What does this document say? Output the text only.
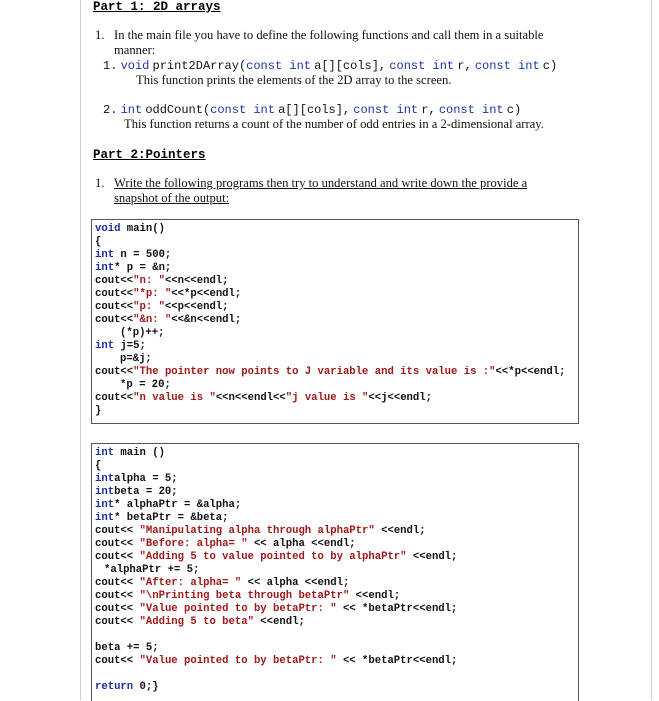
Part 1: 2D arrays
1. In the main file you have to define the following functions and call them in a suitable
manner:
1. void print2DArray(const int a[][cols], const int r, const int c)
This function prints the elements of the 2D array to the screen.
2. int oddCount(const int a[][cols], const int r, const int c)
This function returns a count of the number of odd entries in a 2-dimensional array.
Part 2:Pointers
1. Write the following programs then try to understand and write down the provide a
snapshot of the output:
void main()
{
int n = 500;
int* p = &n;
cout<<"n: "<<n<<endl;
cout<<"*p: "<<*p<<endl;
cout<<"p: "<<p<<endl;
cout<<"&n: "<<&n<<endl;
(*p)++;
int j=5;
p=&j;
cout<<"The pointer now points to J variable and its value is :"<<*p<<endl;
*p = 20;
cout<<"n value is "<<n<<endl<<"j value is "<<j<<endl;
}
int main ()
{
intalpha = 5;
intbeta = 20;
int* alphaPtr = &alpha;
int* betaPtr = &beta;
cout<< "Manipulating alpha through alphaPtr" <<endl;
cout<< "Before: alpha= " << alpha <<endl;
cout<< "Adding 5 to value pointed to by alphaPtr" <<endl;
*alphaPtr += 5;
cout<< "After: alpha= " << alpha <<endl;
cout<< "\nPrinting beta through betaPtr" <<endl;
cout<< "Value pointed to by betaPtr: " << *betaPtr<<endl;
cout<< "Adding 5 to beta" <<endl;
beta += 5;
cout<< "Value pointed to by betaPtr: " << *betaPtr<<endl;
return 0;}
